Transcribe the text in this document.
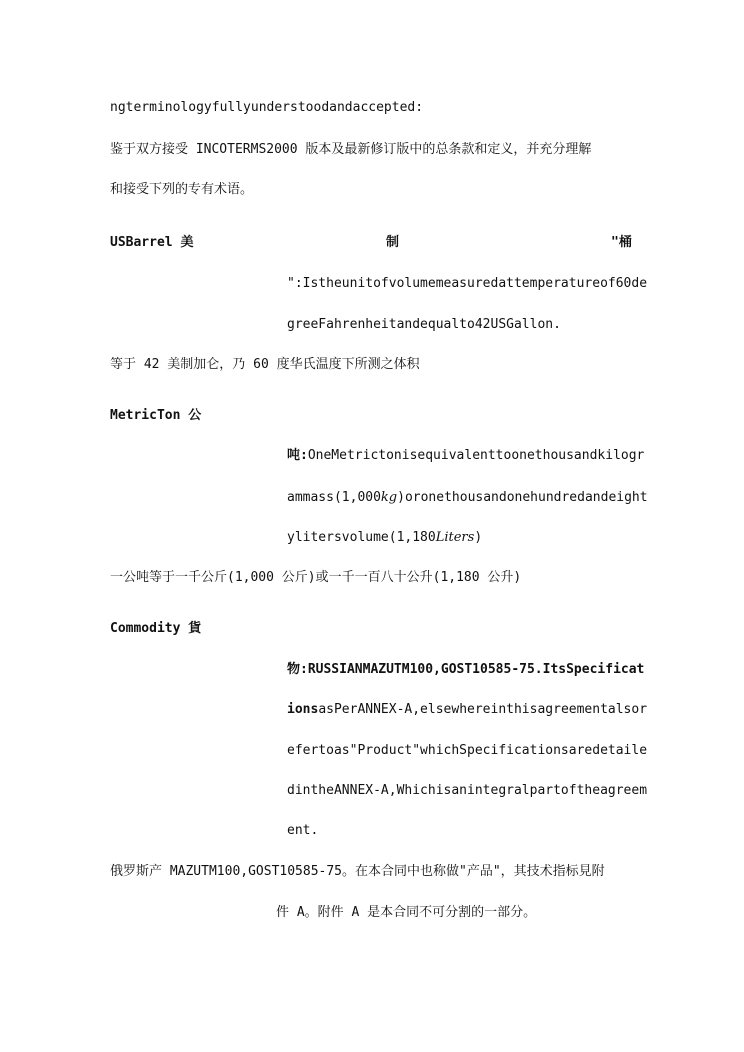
ngterminologyfullyunderstoodandaccepted:
鉴于双方接受 INCOTERMS2000 版本及最新修订版中的总条款和定义，并充分理解
和接受下列的专有术语。
USBarrel 美	制	"桶
":Istheunitofvolumemeasuredattemperatureof60de
greeFahrenheitandequalto42USGallon.
等于 42 美制加仑，乃 60 度华氏温度下所测之体积
MetricTon 公
吨:OneMetrictonisequivalenttoonethousandkilogr
ammass(1,000kg)oronethousandonehundredandeight
ylitersvolume(1,180Liters)
一公吨等于一千公斤(1,000 公斤)或一千一百八十公升(1,180 公升)
Commodity 貨
物:RUSSIANMAZUTM100,GOST10585-75.ItsSpecificat
ionsasPerANNEX-A,elsewhereinthisagreementalsor
efertoas"Product"whichSpecificationsaredetaile
dintheANNEX-A,Whichisanintegralpartoftheagreem
ent.
俄罗斯产 MAZUTM100,GOST10585-75。在本合同中也称做"产品"，其技术指标見附
件 A。附件 A 是本合同不可分割的一部分。
